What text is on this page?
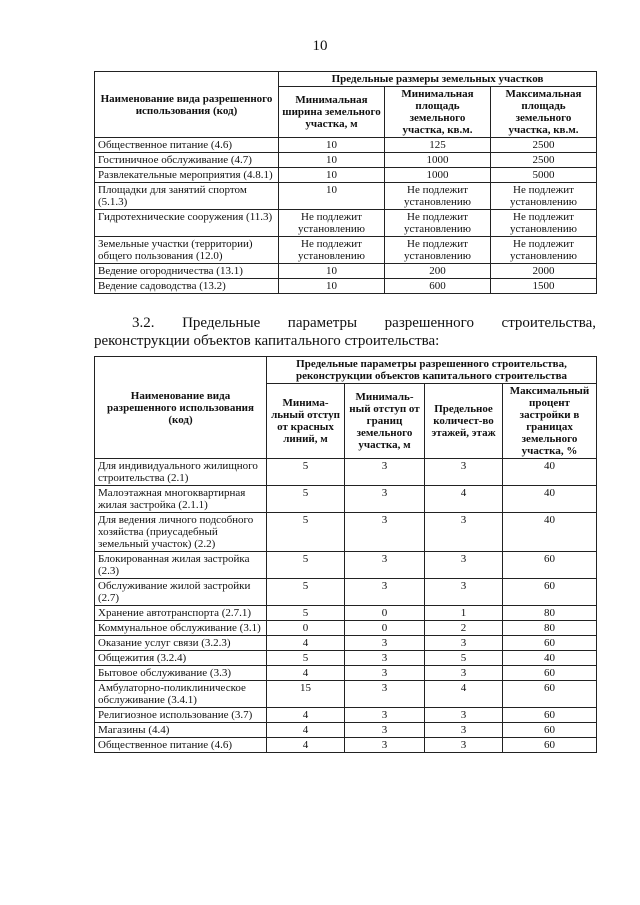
10
Наименование вида разрешенного использования (код)	Предельные размеры земельных участков		
	Минимальная ширина земельного участка, м	Минимальная площадь земельного участка, кв.м.	Максимальная площадь земельного участка, кв.м.
Общественное питание (4.6)	10	125	2500
Гостиничное обслуживание (4.7)	10	1000	2500
Развлекательные мероприятия (4.8.1)	10	1000	5000
Площадки для занятий спортом (5.1.3)	10	Не подлежит установлению	Не подлежит установлению
Гидротехнические сооружения (11.3)	Не подлежит установлению	Не подлежит установлению	Не подлежит установлению
Земельные участки (территории) общего пользования (12.0)	Не подлежит установлению	Не подлежит установлению	Не подлежит установлению
Ведение огородничества (13.1)	10	200	2000
Ведение садоводства (13.2)	10	600	1500
3.2. Предельные параметры разрешенного строительства,
реконструкции объектов капитального строительства:
Наименование вида разрешенного использования (код)	Предельные параметры разрешенного строительства, реконструкции объектов капитального строительства			
	Минима-льный отступ от красных линий, м	Минималь-ный отступ от границ земельного участка, м	Предельное количест-во этажей, этаж	Максимальный процент застройки в границах земельного участка, %
Для индивидуального жилищного строительства (2.1)	5	3	3	40
Малоэтажная многоквартирная жилая застройка (2.1.1)	5	3	4	40
Для ведения личного подсобного хозяйства (приусадебный земельный участок) (2.2)	5	3	3	40
Блокированная жилая застройка (2.3)	5	3	3	60
Обслуживание жилой застройки (2.7)	5	3	3	60
Хранение автотранспорта (2.7.1)	5	0	1	80
Коммунальное обслуживание (3.1)	0	0	2	80
Оказание услуг связи (3.2.3)	4	3	3	60
Общежития (3.2.4)	5	3	5	40
Бытовое обслуживание (3.3)	4	3	3	60
Амбулаторно-поликлиническое обслуживание (3.4.1)	15	3	4	60
Религиозное использование (3.7)	4	3	3	60
Магазины (4.4)	4	3	3	60
Общественное питание (4.6)	4	3	3	60
